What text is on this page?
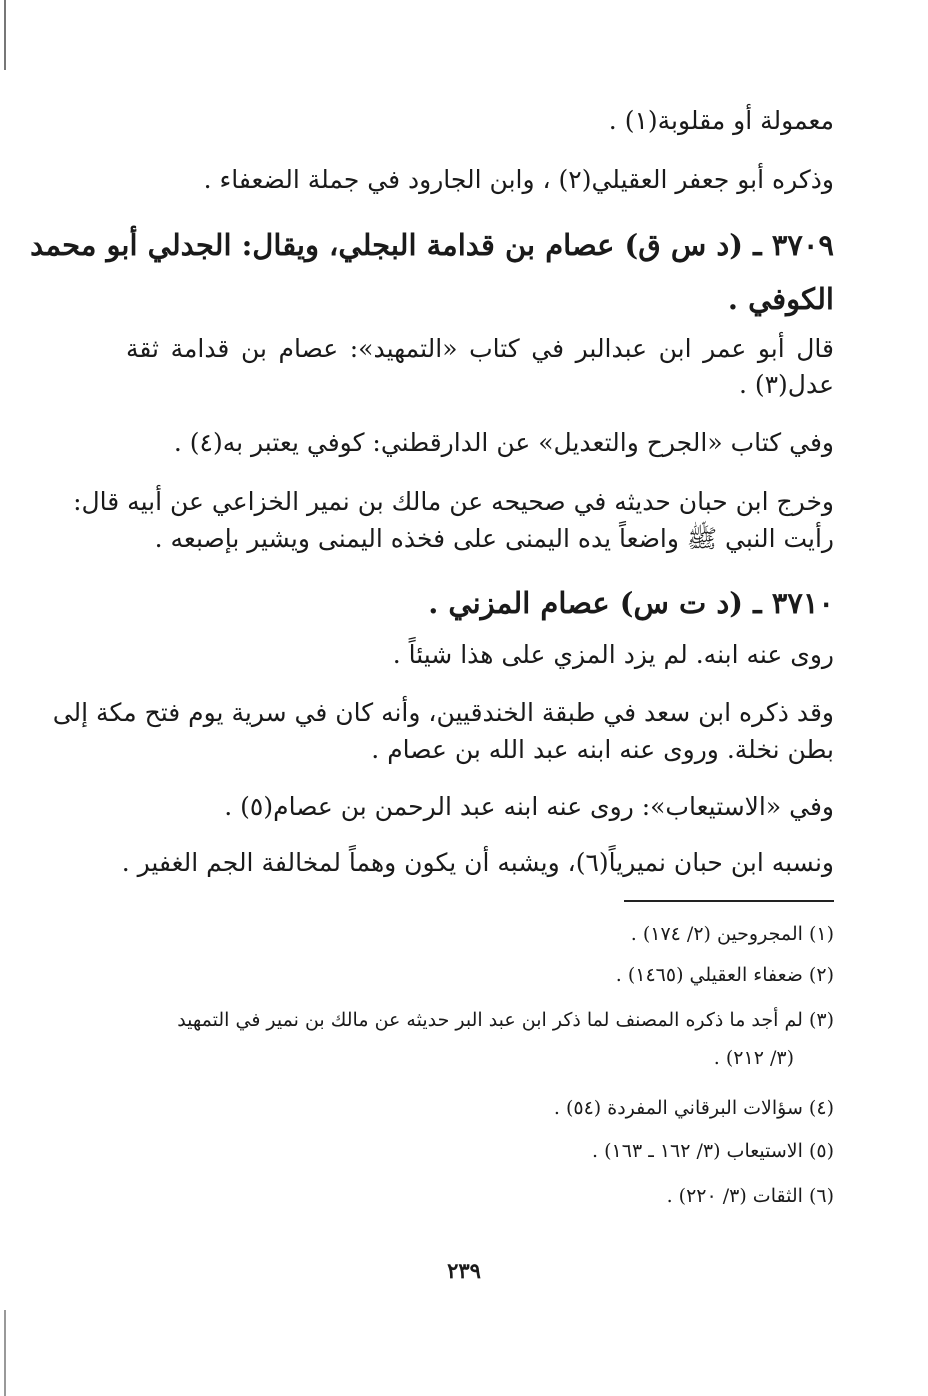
معمولة أو مقلوبة(١) .
وذكره أبو جعفر العقيلي(٢) ، وابن الجارود في جملة الضعفاء .
٣٧٠٩ ـ (د س ق) عصام بن قدامة البجلي، ويقال: الجدلي أبو محمد
الكوفي .
قال أبو عمر ابن عبدالبر في كتاب «التمهيد»: عصام بن قدامة ثقة
عدل(٣) .
وفي كتاب «الجرح والتعديل» عن الدارقطني: كوفي يعتبر به(٤) .
وخرج ابن حبان حديثه في صحيحه عن مالك بن نمير الخزاعي عن أبيه قال:
رأيت النبي ﷺ واضعاً يده اليمنى على فخذه اليمنى ويشير بإصبعه .
٣٧١٠ ـ (د ت س) عصام المزني .
روى عنه ابنه. لم يزد المزي على هذا شيئاً .
وقد ذكره ابن سعد في طبقة الخندقيين، وأنه كان في سرية يوم فتح مكة إلى
بطن نخلة. وروى عنه ابنه عبد الله بن عصام .
وفي «الاستيعاب»: روى عنه ابنه عبد الرحمن بن عصام(٥) .
ونسبه ابن حبان نميرياً(٦)، ويشبه أن يكون وهماً لمخالفة الجم الغفير .
(١) المجروحين (٢/ ١٧٤) .
(٢) ضعفاء العقيلي (١٤٦٥) .
(٣) لم أجد ما ذكره المصنف لما ذكر ابن عبد البر حديثه عن مالك بن نمير في التمهيد
(٣/ ٢١٢) .
(٤) سؤالات البرقاني المفردة (٥٤) .
(٥) الاستيعاب (٣/ ١٦٢ ـ ١٦٣) .
(٦) الثقات (٣/ ٢٢٠) .
٢٣٩
